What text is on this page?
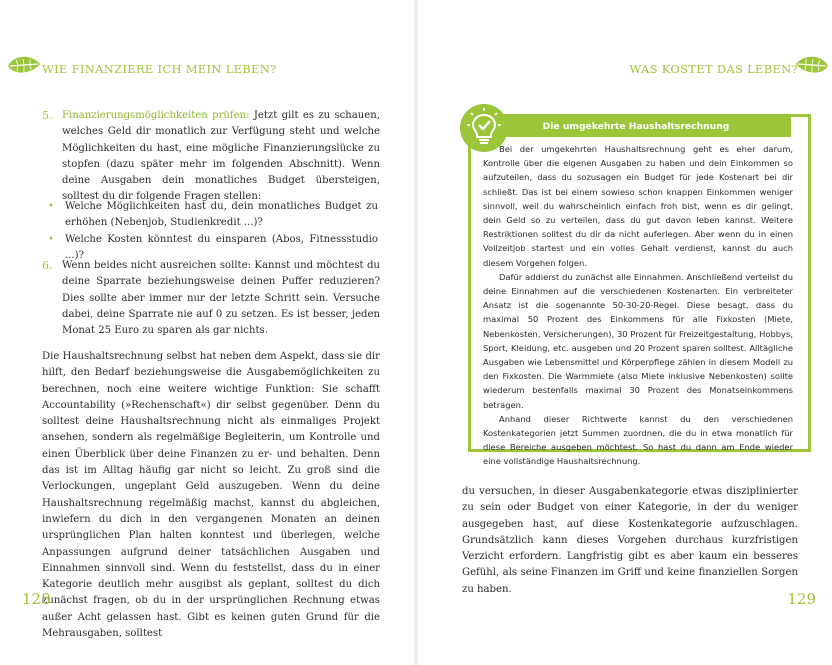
WIE FINANZIERE ICH MEIN LEBEN?
5. Finanzierungsmöglichkeiten prüfen: Jetzt gilt es zu schauen, welches Geld dir monatlich zur Verfügung steht und welche Möglichkeiten du hast, eine mögliche Finanzierungslücke zu stopfen (dazu später mehr im folgenden Abschnitt). Wenn deine Ausgaben dein monatliches Budget übersteigen, solltest du dir folgende Fragen stellen:
• Welche Möglichkeiten hast du, dein monatliches Budget zu erhöhen (Nebenjob, Studienkredit ...)?
• Welche Kosten könntest du einsparen (Abos, Fitnessstudio ...)?
6. Wenn beides nicht ausreichen sollte: Kannst und möchtest du deine Sparrate beziehungsweise deinen Puffer reduzieren? Dies sollte aber immer nur der letzte Schritt sein. Versuche dabei, deine Sparrate nie auf 0 zu setzen. Es ist besser, jeden Monat 25 Euro zu sparen als gar nichts.
Die Haushaltsrechnung selbst hat neben dem Aspekt, dass sie dir hilft, den Bedarf beziehungsweise die Ausgabemöglichkeiten zu berechnen, noch eine weitere wichtige Funktion: Sie schafft Accountability (»Rechenschaft«) dir selbst gegenüber. Denn du solltest deine Haushaltsrechnung nicht als einmaliges Projekt ansehen, sondern als regelmäßige Begleiterin, um Kontrolle und einen Überblick über deine Finanzen zu er- und behalten. Denn das ist im Alltag häufig gar nicht so leicht. Zu groß sind die Verlockungen, ungeplant Geld auszugeben. Wenn du deine Haushaltsrechnung regelmäßig machst, kannst du abgleichen, inwiefern du dich in den vergangenen Monaten an deinen ursprünglichen Plan halten konntest und überlegen, welche Anpassungen aufgrund deiner tatsächlichen Ausgaben und Einnahmen sinnvoll sind. Wenn du feststellst, dass du in einer Kategorie deutlich mehr ausgibst als geplant, solltest du dich zunächst fragen, ob du in der ursprünglichen Rechnung etwas außer Acht gelassen hast. Gibt es keinen guten Grund für die Mehrausgaben, solltest
128
WAS KOSTET DAS LEBEN?
Die umgekehrte Haushaltsrechnung

Bei der umgekehrten Haushaltsrechnung geht es eher darum, Kontrolle über die eigenen Ausgaben zu haben und dein Einkommen so aufzuteilen, dass du sozusagen ein Budget für jede Kostenart bei dir schließt. Das ist bei einem sowieso schon knappen Einkommen weniger sinnvoll, weil du wahrscheinlich einfach froh bist, wenn es dir gelingt, dein Geld so zu verteilen, dass du gut davon leben kannst. Weitere Restriktionen solltest du dir da nicht auferlegen. Aber wenn du in einen Vollzeitjob startest und ein volles Gehalt verdienst, kannst du auch diesem Vorgehen folgen.

Dafür addierst du zunächst alle Einnahmen. Anschließend verteilst du deine Einnahmen auf die verschiedenen Kostenarten. Ein verbreiteter Ansatz ist die sogenannte 50-30-20-Regel. Diese besagt, dass du maximal 50 Prozent des Einkommens für alle Fixkosten (Miete, Nebenkosten, Versicherungen), 30 Prozent für Freizeitgestaltung, Hobbys, Sport, Kleidung, etc. ausgeben und 20 Prozent sparen solltest. Alltägliche Ausgaben wie Lebensmittel und Körperpflege zählen in diesem Modell zu den Fixkosten. Die Warmmiete (also Miete inklusive Nebenkosten) sollte wiederum bestenfalls maximal 30 Prozent des Monatseinkommens betragen.

Anhand dieser Richtwerte kannst du den verschiedenen Kostenkategorien jetzt Summen zuordnen, die du in etwa monatlich für diese Bereiche ausgeben möchtest. So hast du dann am Ende wieder eine vollständige Haushaltsrechnung.

du versuchen, in dieser Ausgabenkategorie etwas disziplinierter zu sein oder Budget von einer Kategorie, in der du weniger ausgegeben hast, auf diese Kostenkategorie aufzuschlagen. Grundsätzlich kann dieses Vorgehen durchaus kurzfristigen Verzicht erfordern. Langfristig gibt es aber kaum ein besseres Gefühl, als seine Finanzen im Griff und keine finanziellen Sorgen zu haben.
129
